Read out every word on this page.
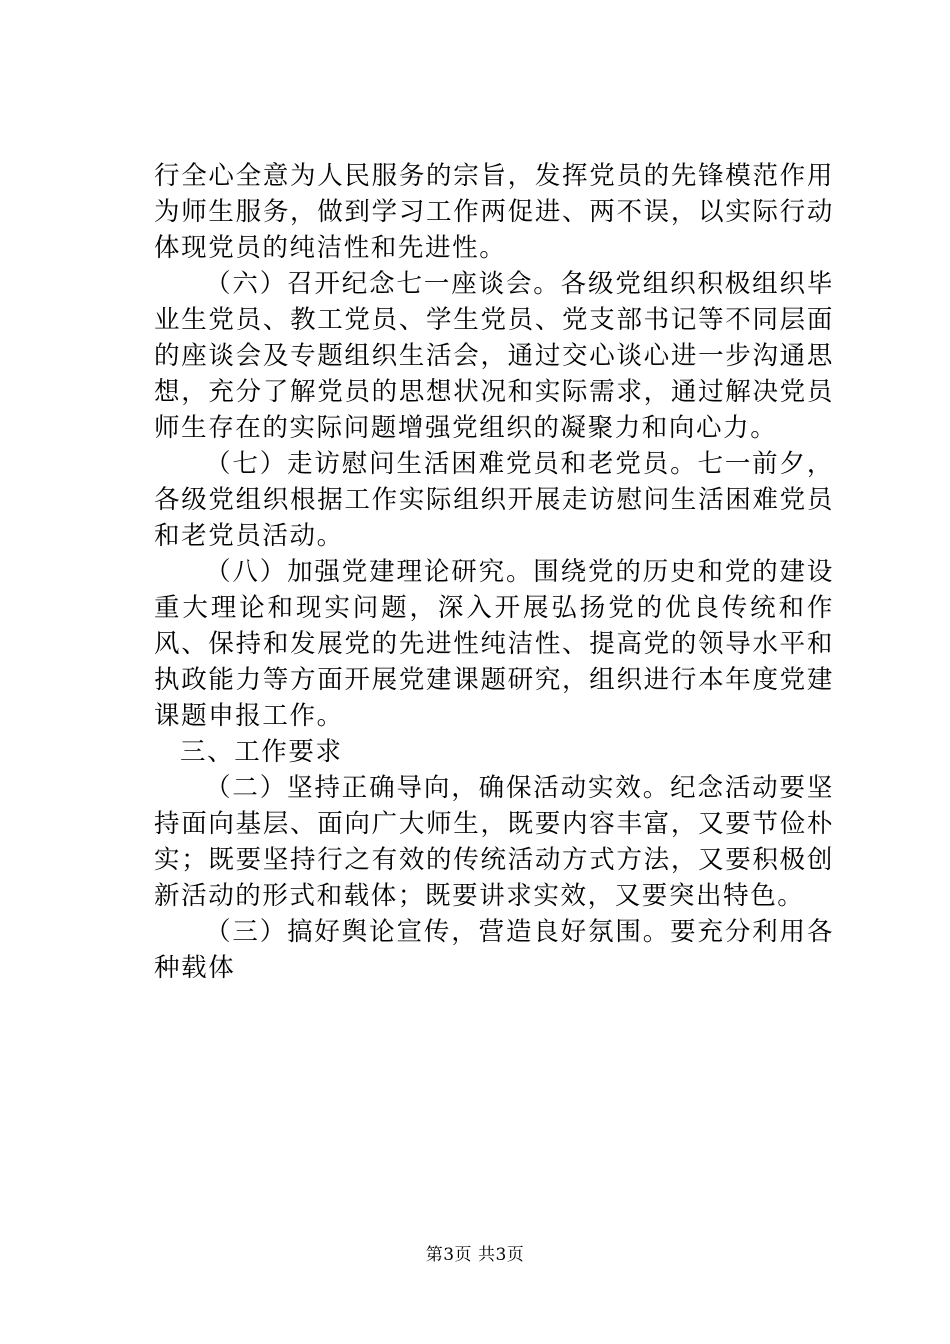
行全心全意为人民服务的宗旨，发挥党员的先锋模范作用为师生服务，做到学习工作两促进、两不误，以实际行动体现党员的纯洁性和先进性。

（六）召开纪念七一座谈会。各级党组织积极组织毕业生党员、教工党员、学生党员、党支部书记等不同层面的座谈会及专题组织生活会，通过交心谈心进一步沟通思想，充分了解党员的思想状况和实际需求，通过解决党员师生存在的实际问题增强党组织的凝聚力和向心力。

（七）走访慰问生活困难党员和老党员。七一前夕，各级党组织根据工作实际组织开展走访慰问生活困难党员和老党员活动。

（八）加强党建理论研究。围绕党的历史和党的建设重大理论和现实问题，深入开展弘扬党的优良传统和作风、保持和发展党的先进性纯洁性、提高党的领导水平和执政能力等方面开展党建课题研究，组织进行本年度党建课题申报工作。

三、工作要求

（二）坚持正确导向，确保活动实效。纪念活动要坚持面向基层、面向广大师生，既要内容丰富，又要节俭朴实；既要坚持行之有效的传统活动方式方法，又要积极创新活动的形式和载体；既要讲求实效，又要突出特色。

（三）搞好舆论宣传，营造良好氛围。要充分利用各种载体

第3页 共3页
